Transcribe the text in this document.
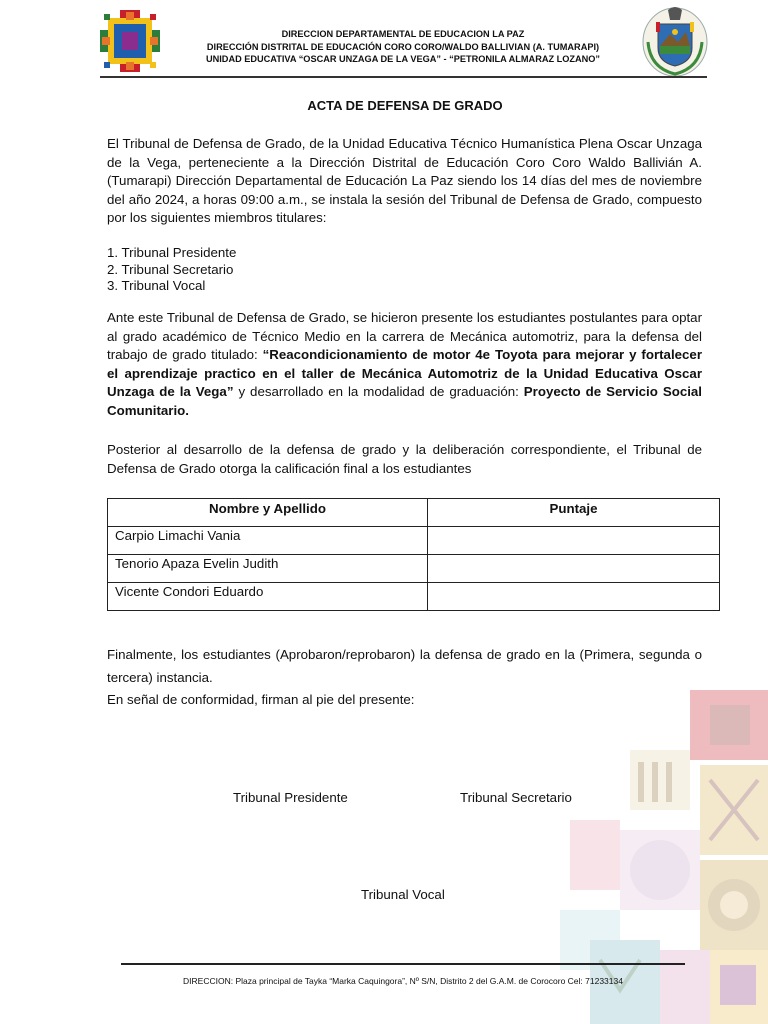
DIRECCION DEPARTAMENTAL DE EDUCACION LA PAZ
DIRECCIÓN DISTRITAL DE EDUCACIÓN CORO CORO/WALDO BALLIVIAN (A. TUMARAPI)
UNIDAD EDUCATIVA “OSCAR UNZAGA DE LA VEGA” - “PETRONILA ALMARAZ LOZANO”
ACTA DE DEFENSA DE GRADO
El Tribunal de Defensa de Grado, de la Unidad Educativa Técnico Humanística Plena Oscar Unzaga de la Vega, perteneciente a la Dirección Distrital de Educación Coro Coro Waldo Ballivián A. (Tumarapi) Dirección Departamental de Educación La Paz siendo los 14 días del mes de noviembre del año 2024, a horas 09:00 a.m., se instala la sesión del Tribunal de Defensa de Grado, compuesto por los siguientes miembros titulares:
1. Tribunal Presidente
2. Tribunal Secretario
3. Tribunal Vocal
Ante este Tribunal de Defensa de Grado, se hicieron presente los estudiantes postulantes para optar al grado académico de Técnico Medio en la carrera de Mecánica automotriz, para la defensa del trabajo de grado titulado: “Reacondicionamiento de motor 4e Toyota para mejorar y fortalecer el aprendizaje practico en el taller de Mecánica Automotriz de la Unidad Educativa Oscar Unzaga de la Vega” y desarrollado en la modalidad de graduación: Proyecto de Servicio Social Comunitario.
Posterior al desarrollo de la defensa de grado y la deliberación correspondiente, el Tribunal de Defensa de Grado otorga la calificación final a los estudiantes
Nombre y Apellido	Puntaje
Carpio Limachi Vania	
Tenorio Apaza Evelin Judith	
Vicente Condori Eduardo	
Finalmente, los estudiantes (Aprobaron/reprobaron) la defensa de grado en la (Primera, segunda o tercera) instancia.
En señal de conformidad, firman al pie del presente:
Tribunal Presidente	Tribunal Secretario
Tribunal Vocal
DIRECCION: Plaza principal de Tayka “Marka Caquingora”, Nº S/N, Distrito 2 del G.A.M. de Corocoro Cel: 71233134
